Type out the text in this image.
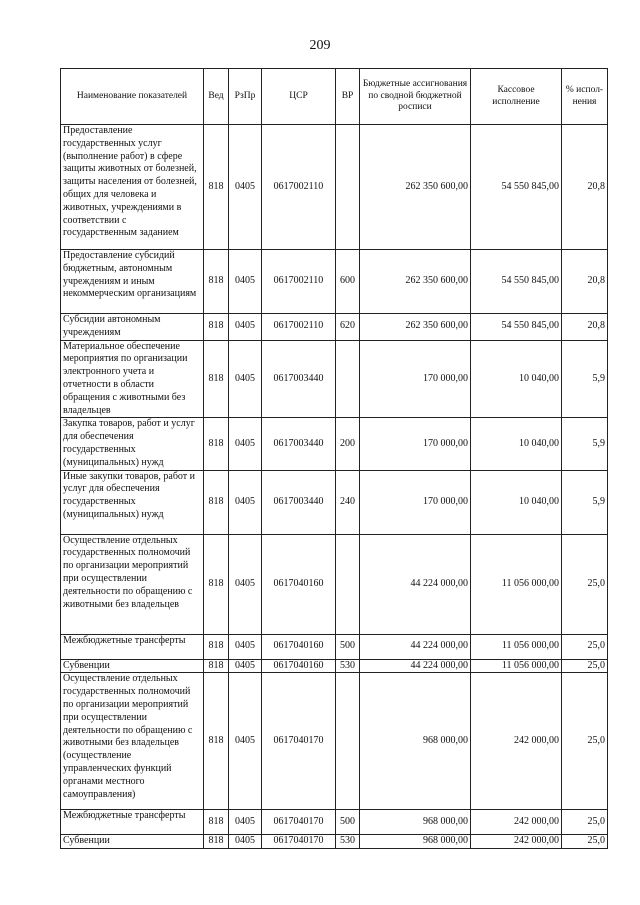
209
Наименование показателей	Вед	РзПр	ЦСР	ВР	Бюджетные ассигнования по сводной бюджетной росписи	Кассовое исполнение	% испол-нения
Предоставление государственных услуг (выполнение работ) в сфере защиты животных от болезней, защиты населения от болезней, общих для человека и животных, учреждениями в соответствии с государственным заданием	818	0405	0617002110		262 350 600,00	54 550 845,00	20,8
Предоставление субсидий бюджетным, автономным учреждениям и иным некоммерческим организациям	818	0405	0617002110	600	262 350 600,00	54 550 845,00	20,8
Субсидии автономным учреждениям	818	0405	0617002110	620	262 350 600,00	54 550 845,00	20,8
Материальное обеспечение мероприятия по организации электронного учета и отчетности в области обращения с животными без владельцев	818	0405	0617003440		170 000,00	10 040,00	5,9
Закупка товаров, работ и услуг для обеспечения государственных (муниципальных) нужд	818	0405	0617003440	200	170 000,00	10 040,00	5,9
Иные закупки товаров, работ и услуг для обеспечения государственных (муниципальных) нужд	818	0405	0617003440	240	170 000,00	10 040,00	5,9
Осуществление отдельных государственных полномочий по организации мероприятий при осуществлении деятельности по обращению с животными без владельцев	818	0405	0617040160		44 224 000,00	11 056 000,00	25,0
Межбюджетные трансферты	818	0405	0617040160	500	44 224 000,00	11 056 000,00	25,0
Субвенции	818	0405	0617040160	530	44 224 000,00	11 056 000,00	25,0
Осуществление отдельных государственных полномочий по организации мероприятий при осуществлении деятельности по обращению с животными без владельцев (осуществление управленческих функций органами местного самоуправления)	818	0405	0617040170		968 000,00	242 000,00	25,0
Межбюджетные трансферты	818	0405	0617040170	500	968 000,00	242 000,00	25,0
Субвенции	818	0405	0617040170	530	968 000,00	242 000,00	25,0
